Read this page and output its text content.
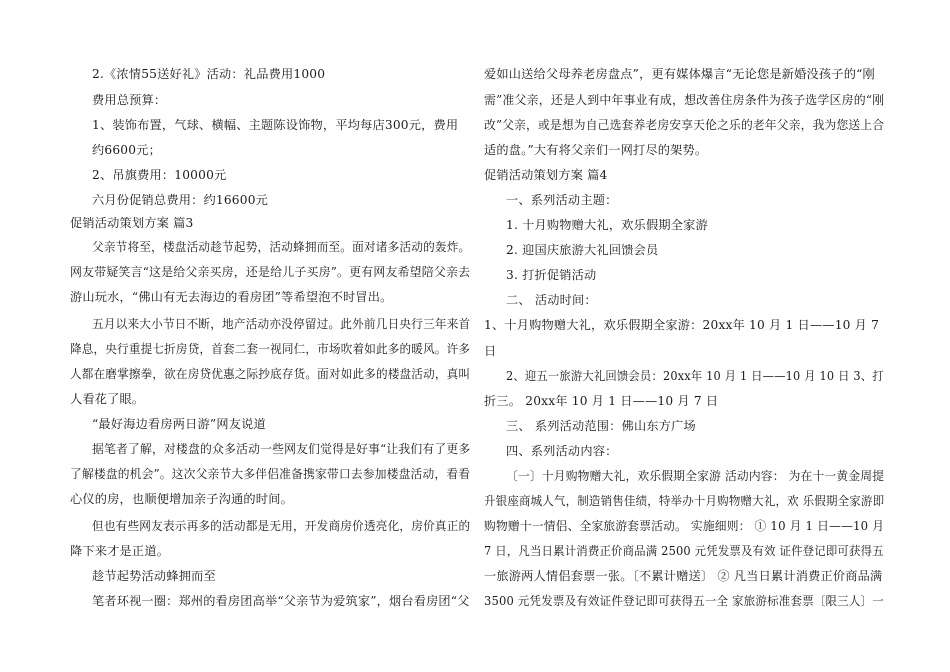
2.《浓情55送好礼》活动：礼品费用1000
费用总预算：
1、装饰布置，气球、横幅、主题陈设饰物，平均每店300元，费用
约6600元；
2、吊旗费用：10000元
六月份促销总费用：约16600元
促销活动策划方案 篇3
父亲节将至，楼盘活动趁节起势，活动蜂拥而至。面对诸多活动的轰炸。
网友带疑笑言“这是给父亲买房，还是给儿子买房”。更有网友希望陪父亲去
游山玩水，“佛山有无去海边的看房团”等希望泡不时冒出。
五月以来大小节日不断，地产活动亦没停留过。此外前几日央行三年来首
降息，央行重提七折房贷，首套二套一视同仁，市场吹着如此多的暖风。许多
人都在磨掌擦拳，欲在房贷优惠之际抄底存货。面对如此多的楼盘活动，真叫
人看花了眼。
“最好海边看房两日游”网友说道
据笔者了解，对楼盘的众多活动一些网友们觉得是好事“让我们有了更多
了解楼盘的机会”。这次父亲节大多伴侣准备携家带口去参加楼盘活动，看看
心仪的房，也顺便增加亲子沟通的时间。
但也有些网友表示再多的活动都是无用，开发商房价透亮化，房价真正的
降下来才是正道。
趁节起势活动蜂拥而至
笔者环视一圈：郑州的看房团高举“父亲节为爱筑家”，烟台看房团“父
爱如山送给父母养老房盘点”，更有媒体爆言“无论您是新婚没孩子的“刚
需”准父亲，还是人到中年事业有成，想改善住房条件为孩子选学区房的“刚
改”父亲，或是想为自己选套养老房安享天伦之乐的老年父亲，我为您送上合
适的盘。”大有将父亲们一网打尽的架势。
促销活动策划方案 篇4
一、系列活动主题：
1. 十月购物赠大礼，欢乐假期全家游
2. 迎国庆旅游大礼回馈会员
3. 打折促销活动
二、 活动时间：
1、十月购物赠大礼，欢乐假期全家游：20xx年 10 月 1 日——10 月 7
日
2、迎五一旅游大礼回馈会员：20xx年 10 月 1 日——10 月 10 日 3、打
折三。 20xx年 10 月 1 日——10 月 7 日
三、 系列活动范围：佛山东方广场
四、系列活动内容：
〔一〕十月购物赠大礼，欢乐假期全家游 活动内容： 为在十一黄金周提
升银座商城人气，制造销售佳绩，特举办十月购物赠大礼，欢 乐假期全家游即
购物赠十一情侣、全家旅游套票活动。 实施细则： ① 10 月 1 日——10 月
7 日，凡当日累计消费正价商品满 2500 元凭发票及有效 证件登记即可获得五
一旅游两人情侣套票一张。〔不累计赠送〕 ② 凡当日累计消费正价商品满
3500 元凭发票及有效证件登记即可获得五一全 家旅游标准套票〔限三人〕一
